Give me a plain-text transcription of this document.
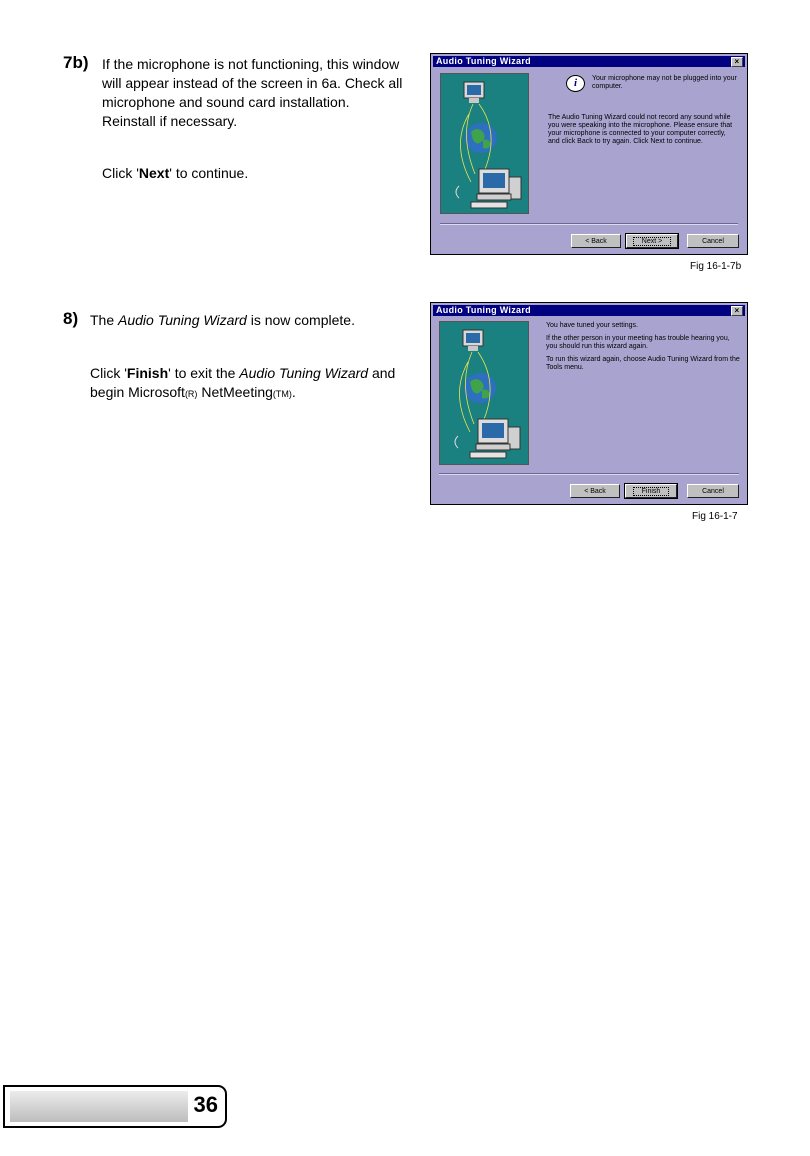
7b) If the microphone is not functioning, this window
will appear instead of the screen in 6a. Check all
microphone and sound card installation.
Reinstall if necessary.
Click 'Next' to continue.
Audio Tuning Wizard	×
i	Your microphone may not be plugged into your computer.
The Audio Tuning Wizard could not record any sound while you were speaking into the microphone. Please ensure that your microphone is connected to your computer correctly, and click Back to try again. Click Next to continue.
< Back	Next >	Cancel
Fig 16-1-7b
8) The Audio Tuning Wizard is now complete.
Click 'Finish' to exit the Audio Tuning Wizard and
begin Microsoft(R) NetMeeting(TM).
Audio Tuning Wizard	×

You have tuned your settings.

If the other person in your meeting has trouble hearing you, you should run this wizard again.

To run this wizard again, choose Audio Tuning Wizard from the Tools menu.

< Back	Finish	Cancel
Fig 16-1-7
36
